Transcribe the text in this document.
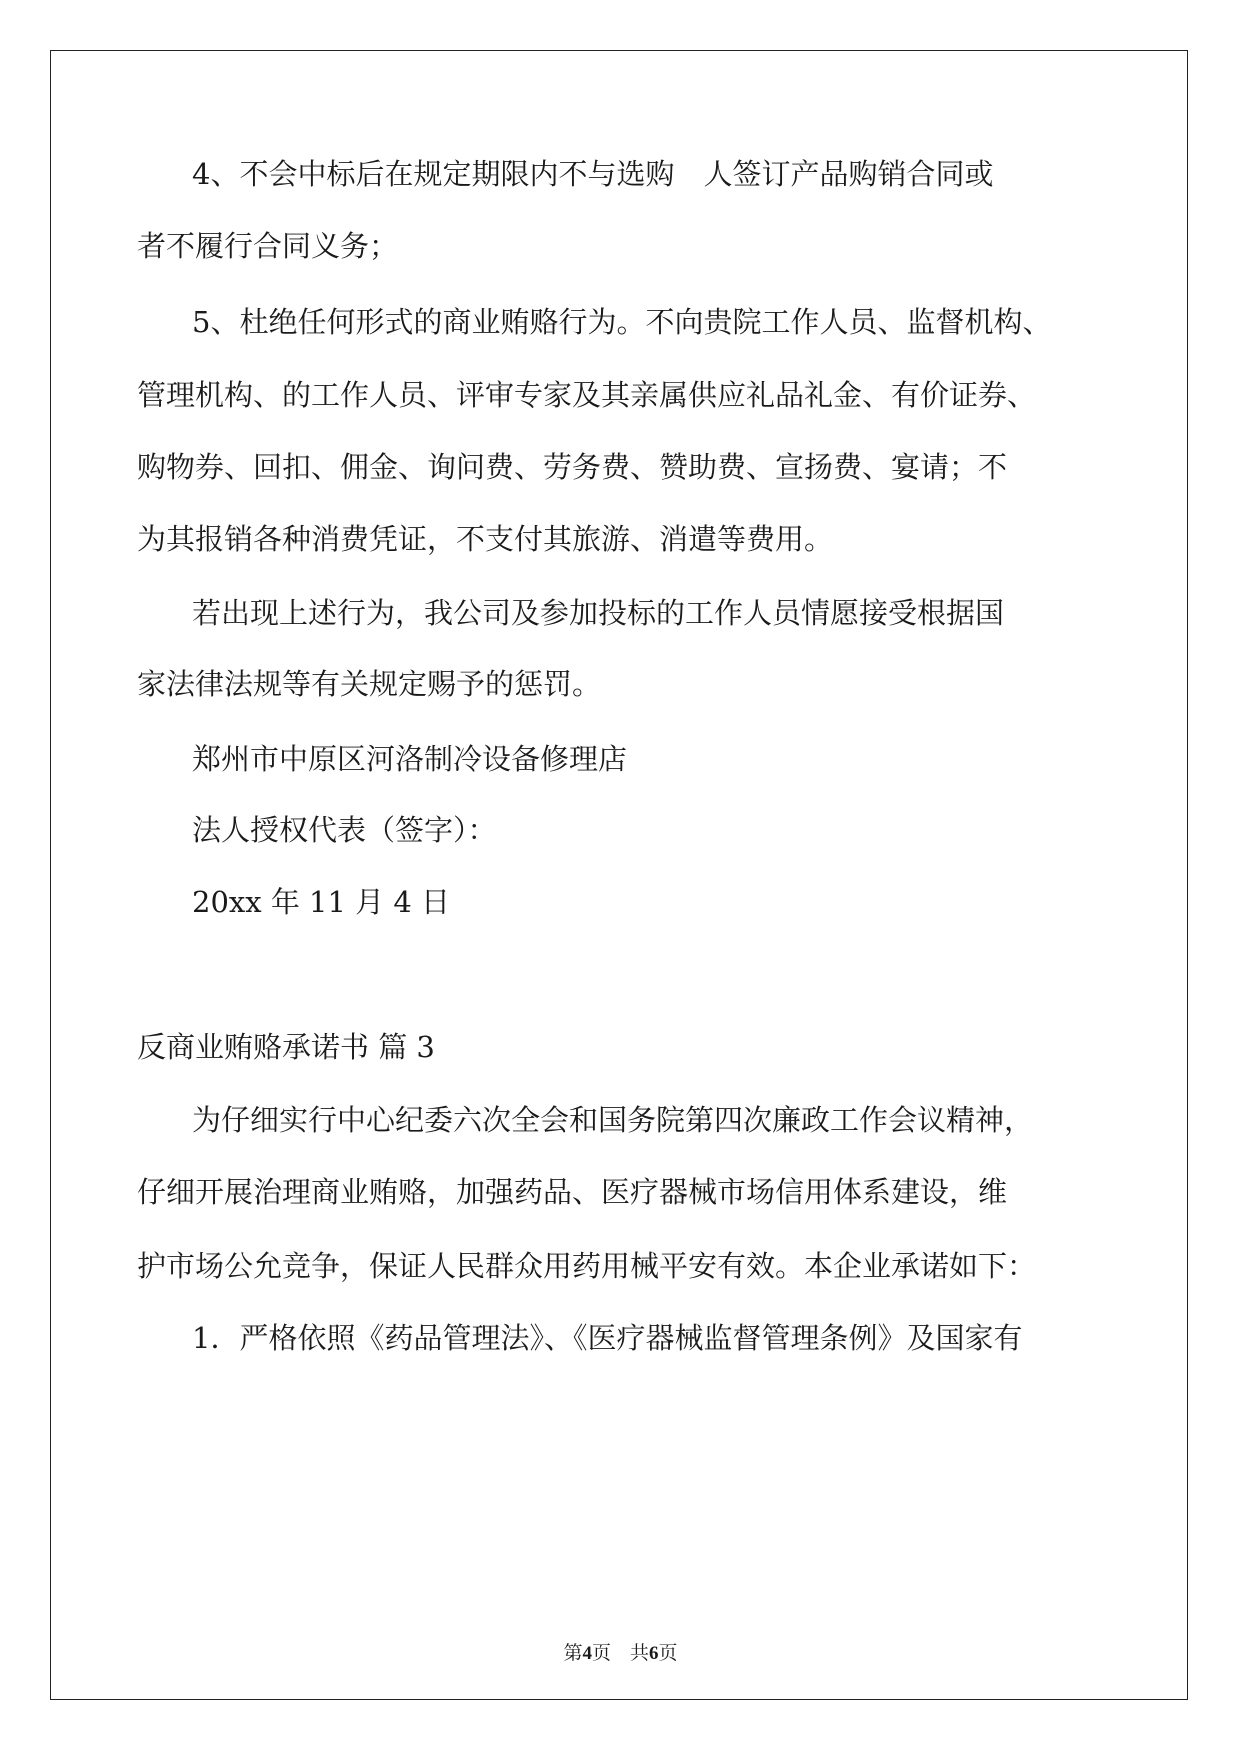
4、不会中标后在规定期限内不与选购　人签订产品购销合同或

者不履行合同义务；

5、杜绝任何形式的商业贿赂行为。不向贵院工作人员、监督机构、

管理机构、的工作人员、评审专家及其亲属供应礼品礼金、有价证券、

购物券、回扣、佣金、询问费、劳务费、赞助费、宣扬费、宴请；不

为其报销各种消费凭证，不支付其旅游、消遣等费用。

若出现上述行为，我公司及参加投标的工作人员情愿接受根据国

家法律法规等有关规定赐予的惩罚。

郑州市中原区河洛制冷设备修理店

法人授权代表（签字）：

20xx 年 11 月 4 日

反商业贿赂承诺书 篇 3

为仔细实行中心纪委六次全会和国务院第四次廉政工作会议精神，

仔细开展治理商业贿赂，加强药品、医疗器械市场信用体系建设，维

护市场公允竞争，保证人民群众用药用械平安有效。本企业承诺如下：

1．严格依照《药品管理法》、《医疗器械监督管理条例》及国家有

第4页　共6页
